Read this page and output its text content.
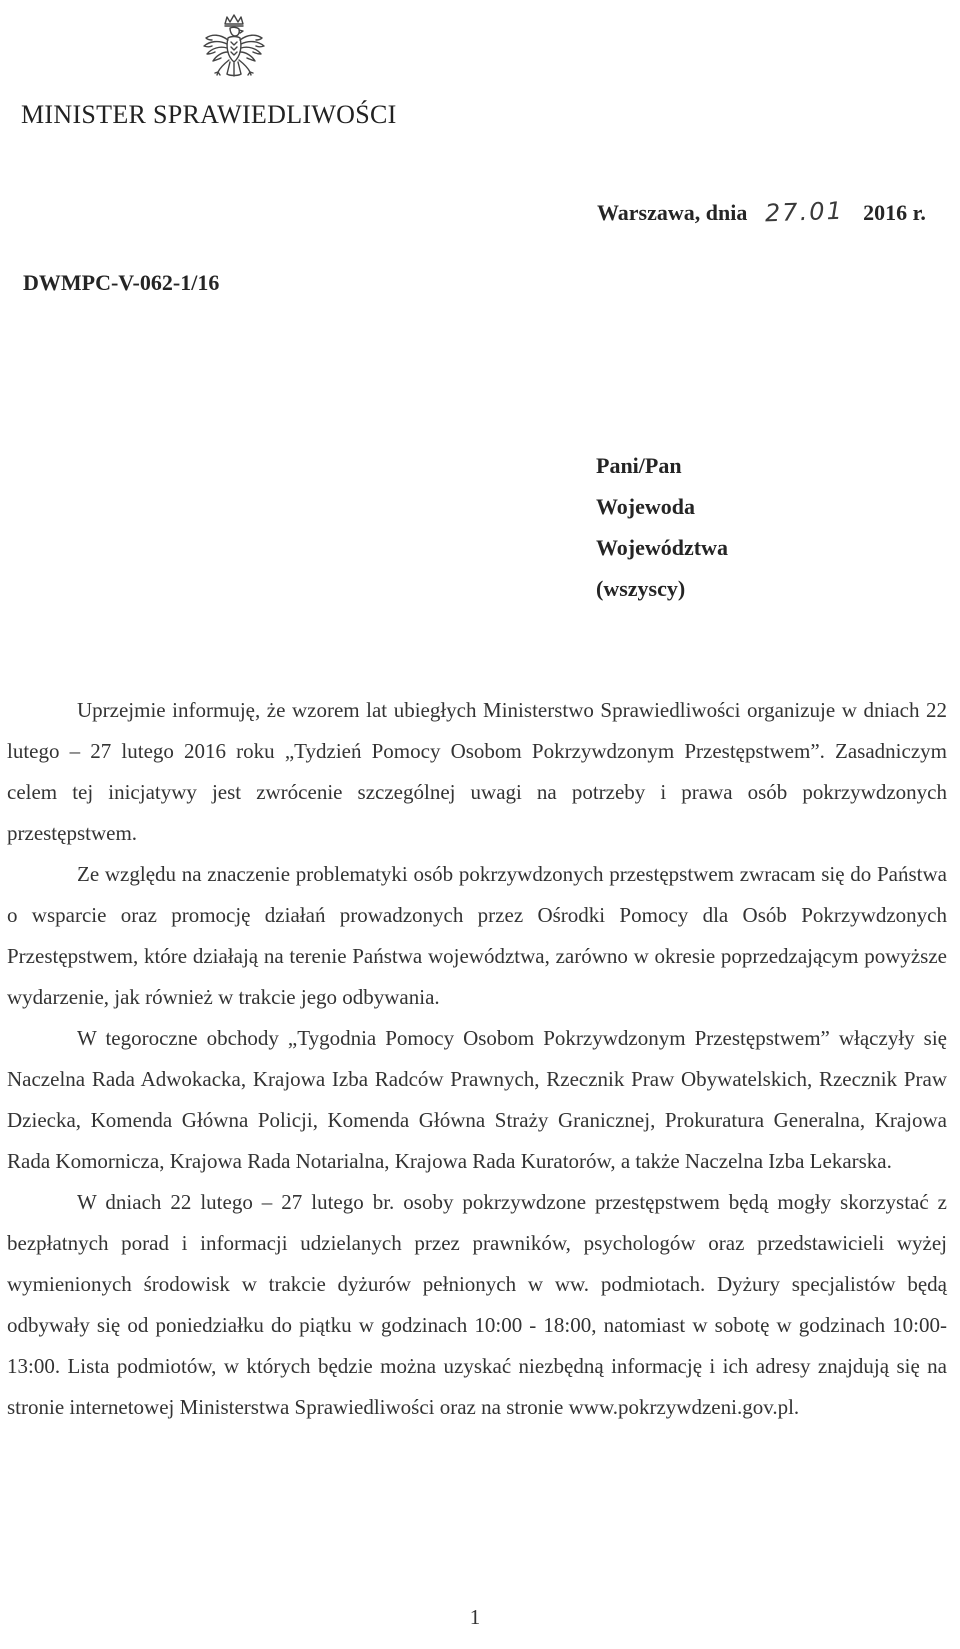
MINISTER SPRAWIEDLIWOŚCI
Warszawa, dnia 27.01 2016 r.
DWMPC-V-062-1/16
Pani/Pan
Wojewoda
Województwa
(wszyscy)

Uprzejmie informuję, że wzorem lat ubiegłych Ministerstwo Sprawiedliwości organizuje w dniach 22 lutego – 27 lutego 2016 roku „Tydzień Pomocy Osobom Pokrzywdzonym Przestępstwem”. Zasadniczym celem tej inicjatywy jest zwrócenie szczególnej uwagi na potrzeby i prawa osób pokrzywdzonych przestępstwem.

Ze względu na znaczenie problematyki osób pokrzywdzonych przestępstwem zwracam się do Państwa o wsparcie oraz promocję działań prowadzonych przez Ośrodki Pomocy dla Osób Pokrzywdzonych Przestępstwem, które działają na terenie Państwa województwa, zarówno w okresie poprzedzającym powyższe wydarzenie, jak również w trakcie jego odbywania.

W tegoroczne obchody „Tygodnia Pomocy Osobom Pokrzywdzonym Przestępstwem” włączyły się Naczelna Rada Adwokacka, Krajowa Izba Radców Prawnych, Rzecznik Praw Obywatelskich, Rzecznik Praw Dziecka, Komenda Główna Policji, Komenda Główna Straży Granicznej, Prokuratura Generalna, Krajowa Rada Komornicza, Krajowa Rada Notarialna, Krajowa Rada Kuratorów, a także Naczelna Izba Lekarska.

W dniach 22 lutego – 27 lutego br. osoby pokrzywdzone przestępstwem będą mogły skorzystać z bezpłatnych porad i informacji udzielanych przez prawników, psychologów oraz przedstawicieli wyżej wymienionych środowisk w trakcie dyżurów pełnionych w ww. podmiotach. Dyżury specjalistów będą odbywały się od poniedziałku do piątku w godzinach 10:00 - 18:00, natomiast w sobotę w godzinach 10:00-13:00. Lista podmiotów, w których będzie można uzyskać niezbędną informację i ich adresy znajdują się na stronie internetowej Ministerstwa Sprawiedliwości oraz na stronie www.pokrzywdzeni.gov.pl.

1
